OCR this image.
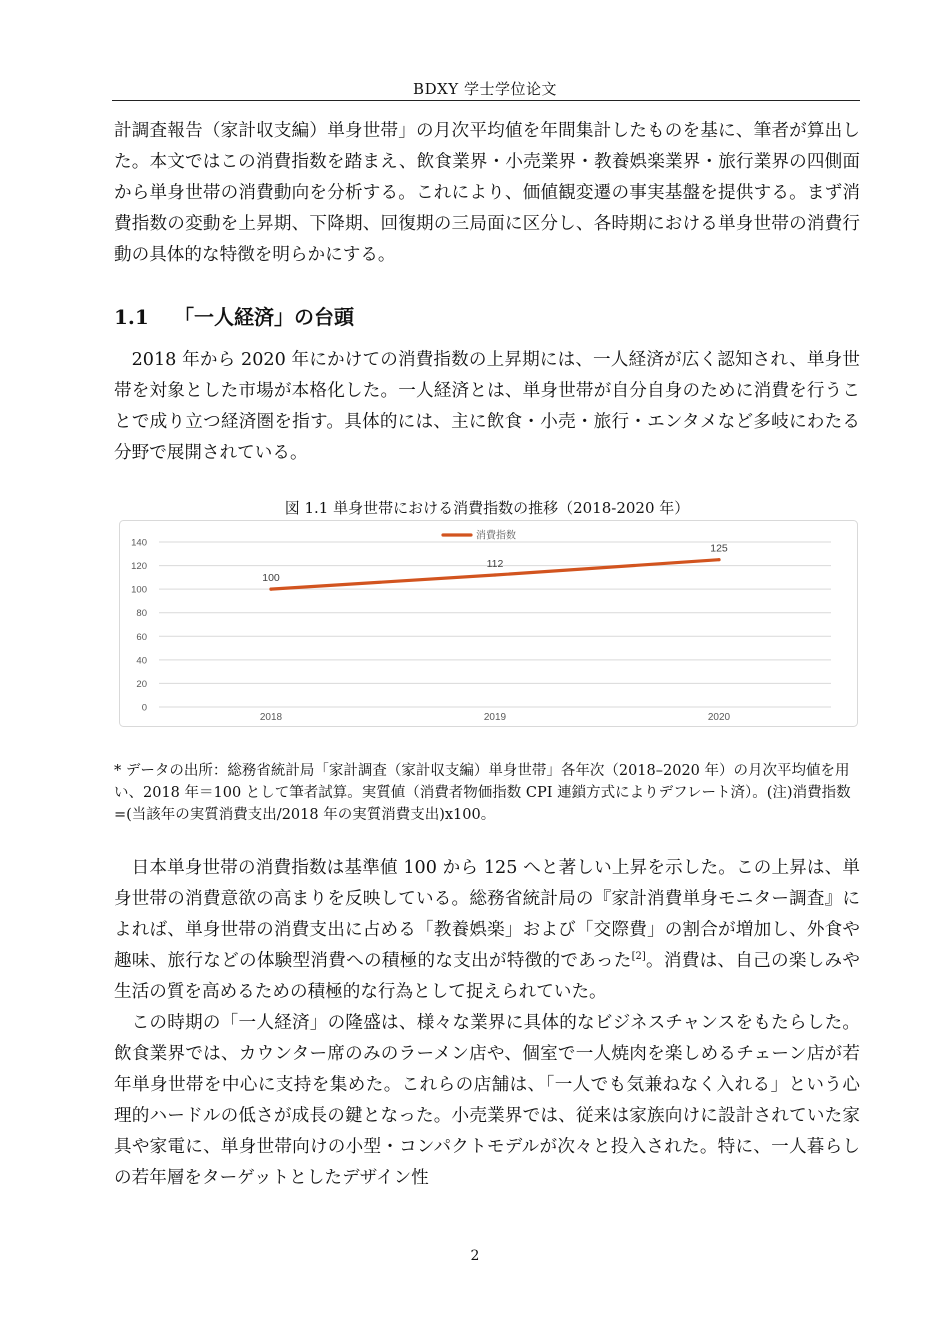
BDXY 学士学位论文

計調査報告（家計収支編）単身世帯」の月次平均値を年間集計したものを基に、筆者が算出した。本文ではこの消費指数を踏まえ、飲食業界・小売業界・教養娯楽業界・旅行業界の四側面から単身世帯の消費動向を分析する。これにより、価値観変遷の事実基盤を提供する。まず消費指数の変動を上昇期、下降期、回復期の三局面に区分し、各時期における単身世帯の消費行動の具体的な特徴を明らかにする。

1.1 「一人経済」の台頭

2018 年から 2020 年にかけての消費指数の上昇期には、一人経済が広く認知され、単身世帯を対象とした市場が本格化した。一人経済とは、単身世帯が自分自身のために消費を行うことで成り立つ経済圏を指す。具体的には、主に飲食・小売・旅行・エンタメなど多岐にわたる分野で展開されている。

図 1.1 単身世帯における消費指数の推移（2018-2020 年）
0
20
40
60
80
100
120
140
2018	2019	2020
消費指数
100
112
125

* データの出所：総務省統計局「家計調査（家計収支編）単身世帯」各年次（2018–2020 年）の月次平均値を用い、2018 年＝100 として筆者試算。実質値（消費者物価指数 CPI 連鎖方式によりデフレート済）。(注)消費指数=(当該年の実質消費支出/2018 年の実質消費支出)x100。

日本単身世帯の消費指数は基準値 100 から 125 へと著しい上昇を示した。この上昇は、単身世帯の消費意欲の高まりを反映している。総務省統計局の『家計消費単身モニター調査』によれば、単身世帯の消費支出に占める「教養娯楽」および「交際費」の割合が増加し、外食や趣味、旅行などの体験型消費への積極的な支出が特徴的であった[2]。消費は、自己の楽しみや生活の質を高めるための積極的な行為として捉えられていた。

この時期の「一人経済」の隆盛は、様々な業界に具体的なビジネスチャンスをもたらした。飲食業界では、カウンター席のみのラーメン店や、個室で一人焼肉を楽しめるチェーン店が若年単身世帯を中心に支持を集めた。これらの店舗は、「一人でも気兼ねなく入れる」という心理的ハードルの低さが成長の鍵となった。小売業界では、従来は家族向けに設計されていた家具や家電に、単身世帯向けの小型・コンパクトモデルが次々と投入された。特に、一人暮らしの若年層をターゲットとしたデザイン性

2
